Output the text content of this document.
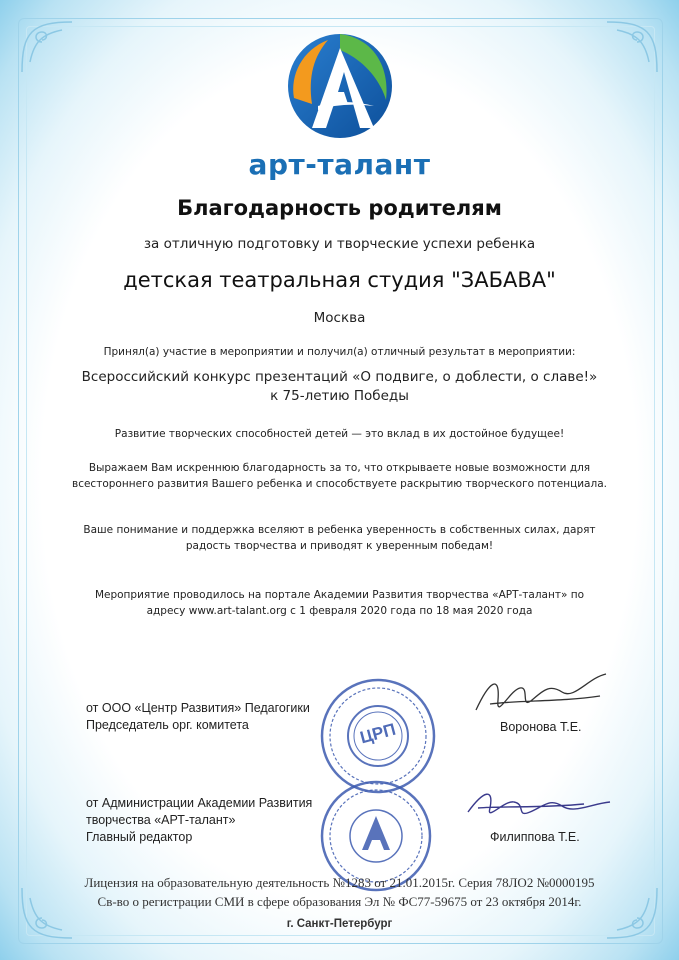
арт-талант
Благодарность родителям
за отличную подготовку и творческие успехи ребенка
детская театральная студия "ЗАБАВА"
Москва
Принял(а) участие в мероприятии и получил(а) отличный результат в мероприятии:
Всероссийский конкурс презентаций «О подвиге, о доблести, о славе!»
к 75-летию Победы
Развитие творческих способностей детей — это вклад в их достойное будущее!
Выражаем Вам искреннюю благодарность за то, что открываете новые возможности для всестороннего развития Вашего ребенка и способствуете раскрытию творческого потенциала.
Ваше понимание и поддержка вселяют в ребенка уверенность в собственных силах, дарят радость творчества и приводят к уверенным победам!
Мероприятие проводилось на портале Академии Развития творчества «АРТ-талант» по адресу www.art-talant.org с 1 февраля 2020 года по 18 мая 2020 года
ЦРП
от ООО «Центр Развития» Педагогики
Председатель орг. комитета	Воронова Т.Е.
от Администрации Академии Развития
творчества «АРТ-талант»
Главный редактор	Филиппова Т.Е.
Лицензия на образовательную деятельность №1283 от 21.01.2015г. Серия 78ЛО2 №0000195
Св-во о регистрации СМИ в сфере образования Эл № ФС77-59675 от 23 октября 2014г.
г. Санкт-Петербург
